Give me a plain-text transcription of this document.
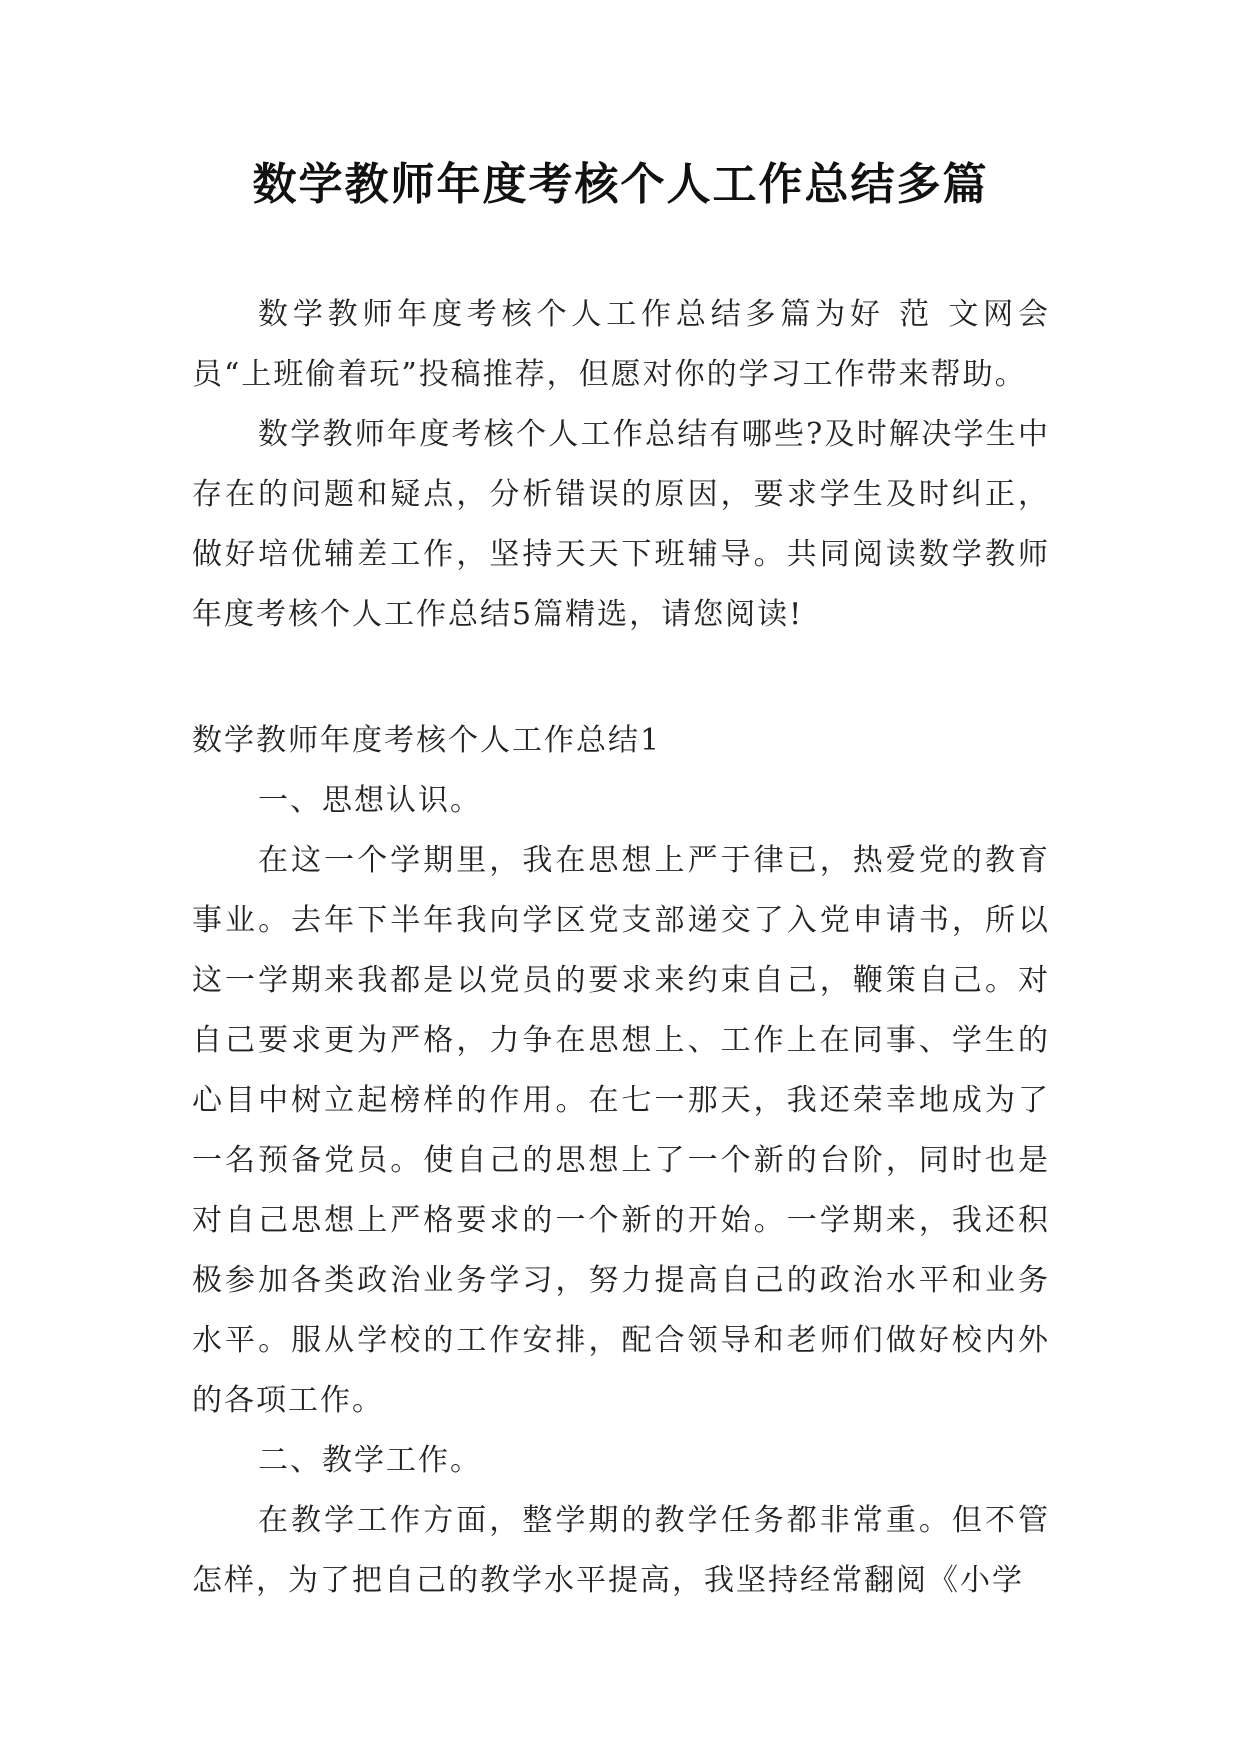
数学教师年度考核个人工作总结多篇

数学教师年度考核个人工作总结多篇为好 范 文网会员“上班偷着玩”投稿推荐，但愿对你的学习工作带来帮助。

数学教师年度考核个人工作总结有哪些?及时解决学生中存在的问题和疑点，分析错误的原因，要求学生及时纠正，做好培优辅差工作，坚持天天下班辅导。共同阅读数学教师年度考核个人工作总结5篇精选，请您阅读!

数学教师年度考核个人工作总结1

一、思想认识。

在这一个学期里，我在思想上严于律已，热爱党的教育事业。去年下半年我向学区党支部递交了入党申请书，所以这一学期来我都是以党员的要求来约束自己，鞭策自己。对自己要求更为严格，力争在思想上、工作上在同事、学生的心目中树立起榜样的作用。在七一那天，我还荣幸地成为了一名预备党员。使自己的思想上了一个新的台阶，同时也是对自己思想上严格要求的一个新的开始。一学期来，我还积极参加各类政治业务学习，努力提高自己的政治水平和业务水平。服从学校的工作安排，配合领导和老师们做好校内外的各项工作。

二、教学工作。

在教学工作方面，整学期的教学任务都非常重。但不管怎样，为了把自己的教学水平提高，我坚持经常翻阅《小学
